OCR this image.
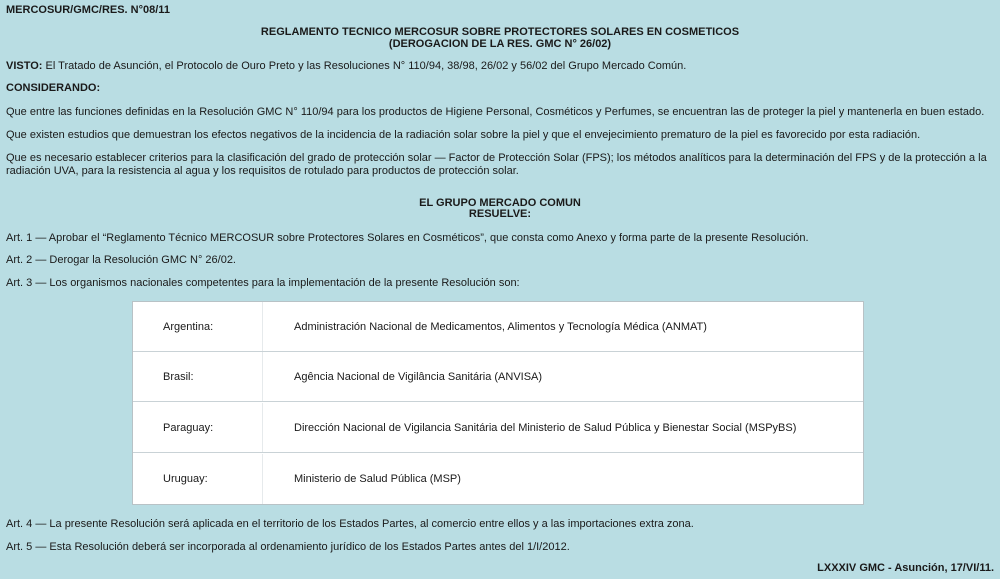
MERCOSUR/GMC/RES. N°08/11
REGLAMENTO TECNICO MERCOSUR SOBRE PROTECTORES SOLARES EN COSMETICOS
(DEROGACION DE LA RES. GMC N° 26/02)
VISTO: El Tratado de Asunción, el Protocolo de Ouro Preto y las Resoluciones N° 110/94, 38/98, 26/02 y 56/02 del Grupo Mercado Común.
CONSIDERANDO:
Que entre las funciones definidas en la Resolución GMC N° 110/94 para los productos de Higiene Personal, Cosméticos y Perfumes, se encuentran las de proteger la piel y mantenerla en buen estado.
Que existen estudios que demuestran los efectos negativos de la incidencia de la radiación solar sobre la piel y que el envejecimiento prematuro de la piel es favorecido por esta radiación.
Que es necesario establecer criterios para la clasificación del grado de protección solar — Factor de Protección Solar (FPS); los métodos analíticos para la determinación del FPS y de la protección a la radiación UVA, para la resistencia al agua y los requisitos de rotulado para productos de protección solar.
EL GRUPO MERCADO COMUN
RESUELVE:
Art. 1 — Aprobar el “Reglamento Técnico MERCOSUR sobre Protectores Solares en Cosméticos”, que consta como Anexo y forma parte de la presente Resolución.
Art. 2 — Derogar la Resolución GMC N° 26/02.
Art. 3 — Los organismos nacionales competentes para la implementación de la presente Resolución son:
Argentina:	Administración Nacional de Medicamentos, Alimentos y Tecnología Médica (ANMAT)
Brasil:	Agência Nacional de Vigilância Sanitária (ANVISA)
Paraguay:	Dirección Nacional de Vigilancia Sanitária del Ministerio de Salud Pública y Bienestar Social (MSPyBS)
Uruguay:	Ministerio de Salud Pública (MSP)
Art. 4 — La presente Resolución será aplicada en el territorio de los Estados Partes, al comercio entre ellos y a las importaciones extra zona.
Art. 5 — Esta Resolución deberá ser incorporada al ordenamiento jurídico de los Estados Partes antes del 1/I/2012.
LXXXIV GMC - Asunción, 17/VI/11.
